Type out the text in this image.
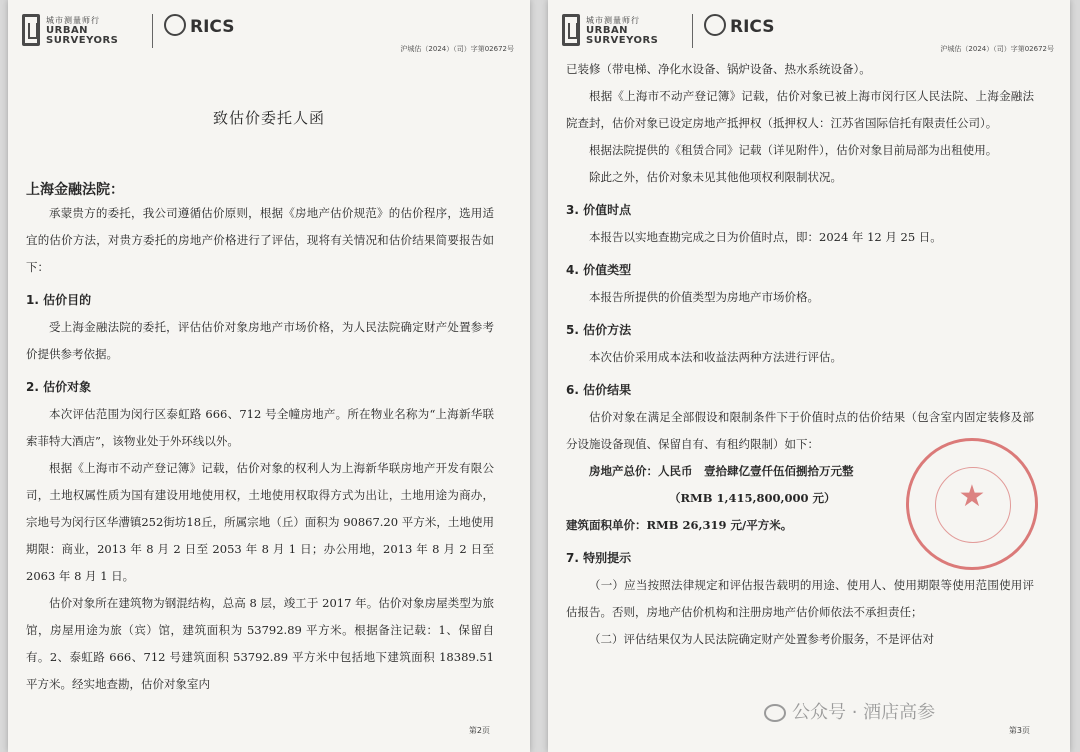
城市测量师行
URBAN
SURVEYORS
RICS
沪城估（2024）（司）字第02672号
致估价委托人函
上海金融法院：

承蒙贵方的委托，我公司遵循估价原则，根据《房地产估价规范》的估价程序，选用适宜的估价方法，对贵方委托的房地产价格进行了评估，现将有关情况和估价结果简要报告如下：

1. 估价目的

受上海金融法院的委托，评估估价对象房地产市场价格，为人民法院确定财产处置参考价提供参考依据。

2. 估价对象

本次评估范围为闵行区泰虹路 666、712 号全幢房地产。所在物业名称为“上海新华联索菲特大酒店”，该物业处于外环线以外。

根据《上海市不动产登记簿》记载，估价对象的权利人为上海新华联房地产开发有限公司，土地权属性质为国有建设用地使用权，土地使用权取得方式为出让，土地用途为商办，宗地号为闵行区华漕镇252街坊18丘，所属宗地（丘）面积为 90867.20 平方米，土地使用期限：商业，2013 年 8 月 2 日至 2053 年 8 月 1 日；办公用地，2013 年 8 月 2 日至 2063 年 8 月 1 日。

估价对象所在建筑物为钢混结构，总高 8 层，竣工于 2017 年。估价对象房屋类型为旅馆，房屋用途为旅（宾）馆，建筑面积为 53792.89 平方米。根据备注记载：1、保留自有。2、泰虹路 666、712 号建筑面积 53792.89 平方米中包括地下建筑面积 18389.51 平方米。经实地查勘，估价对象室内

第2页
城市测量师行
URBAN
SURVEYORS
RICS
沪城估（2024）（司）字第02672号

已装修（带电梯、净化水设备、锅炉设备、热水系统设备）。

根据《上海市不动产登记簿》记载，估价对象已被上海市闵行区人民法院、上海金融法院查封，估价对象已设定房地产抵押权（抵押权人：江苏省国际信托有限责任公司）。

根据法院提供的《租赁合同》记载（详见附件），估价对象目前局部为出租使用。

除此之外，估价对象未见其他他项权利限制状况。

3. 价值时点

本报告以实地查勘完成之日为价值时点，即：2024 年 12 月 25 日。

4. 价值类型

本报告所提供的价值类型为房地产市场价格。

5. 估价方法

本次估价采用成本法和收益法两种方法进行评估。

6. 估价结果

估价对象在满足全部假设和限制条件下于价值时点的估价结果（包含室内固定装修及部分设施设备现值、保留自有、有租约限制）如下：

房地产总价：人民币　壹拾肆亿壹仟伍佰捌拾万元整

（RMB 1,415,800,000 元）

建筑面积单价：RMB 26,319 元/平方米。

7. 特别提示

（一）应当按照法律规定和评估报告载明的用途、使用人、使用期限等使用范围使用评估报告。否则，房地产估价机构和注册房地产估价师依法不承担责任；

（二）评估结果仅为人民法院确定财产处置参考价服务，不是评估对

★
第3页
公众号 · 酒店高参
